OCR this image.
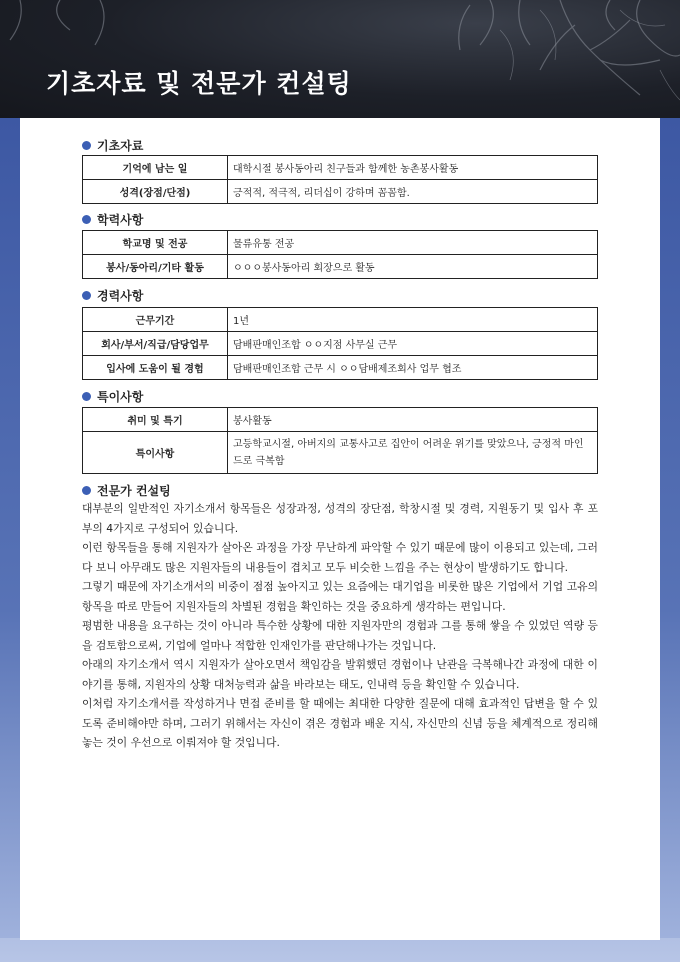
기초자료 및 전문가 컨설팅
기초자료
기억에 남는 일	대학시절 봉사동아리 친구들과 함께한 농촌봉사활동
성격(장점/단점)	긍적적, 적극적, 리더십이 강하며 꼼꼼함.
학력사항
학교명 및 전공	물류유통 전공
봉사/동아리/기타 활동	ㅇㅇㅇ봉사동아리 회장으로 활동
경력사항
근무기간	1년
회사/부서/직급/담당업무	담배판매인조합 ㅇㅇ지점 사무실 근무
입사에 도움이 될 경험	담배판매인조합 근무 시 ㅇㅇ담배제조회사 업무 협조
특이사항
취미 및 특기	봉사활동
특이사항	고등학교시절, 아버지의 교통사고로 집안이 어려운 위기를 맞았으나, 긍정적 마인드로 극복함
전문가 컨설팅

대부분의 일반적인 자기소개서 항목들은 성장과정, 성격의 장단점, 학창시절 및 경력, 지원동기 및 입사 후 포부의 4가지로 구성되어 있습니다.

이런 항목들을 통해 지원자가 살아온 과정을 가장 무난하게 파악할 수 있기 때문에 많이 이용되고 있는데, 그러다 보니 아무래도 많은 지원자들의 내용들이 겹치고 모두 비슷한 느낌을 주는 현상이 발생하기도 합니다.

그렇기 때문에 자기소개서의 비중이 점점 높아지고 있는 요즘에는 대기업을 비롯한 많은 기업에서 기업 고유의 항목을 따로 만들어 지원자들의 차별된 경험을 확인하는 것을 중요하게 생각하는 편입니다.

평범한 내용을 요구하는 것이 아니라 특수한 상황에 대한 지원자만의 경험과 그를 통해 쌓을 수 있었던 역량 등을 검토함으로써, 기업에 얼마나 적합한 인재인가를 판단해나가는 것입니다.

아래의 자기소개서 역시 지원자가 살아오면서 책임감을 발휘했던 경험이나 난관을 극복해나간 과정에 대한 이야기를 통해, 지원자의 상황 대처능력과 삶을 바라보는 태도, 인내력 등을 확인할 수 있습니다.

이처럼 자기소개서를 작성하거나 면접 준비를 할 때에는 최대한 다양한 질문에 대해 효과적인 답변을 할 수 있도록 준비해야만 하며, 그러기 위해서는 자신이 겪은 경험과 배운 지식, 자신만의 신념 등을 체계적으로 정리해놓는 것이 우선으로 이뤄져야 할 것입니다.
